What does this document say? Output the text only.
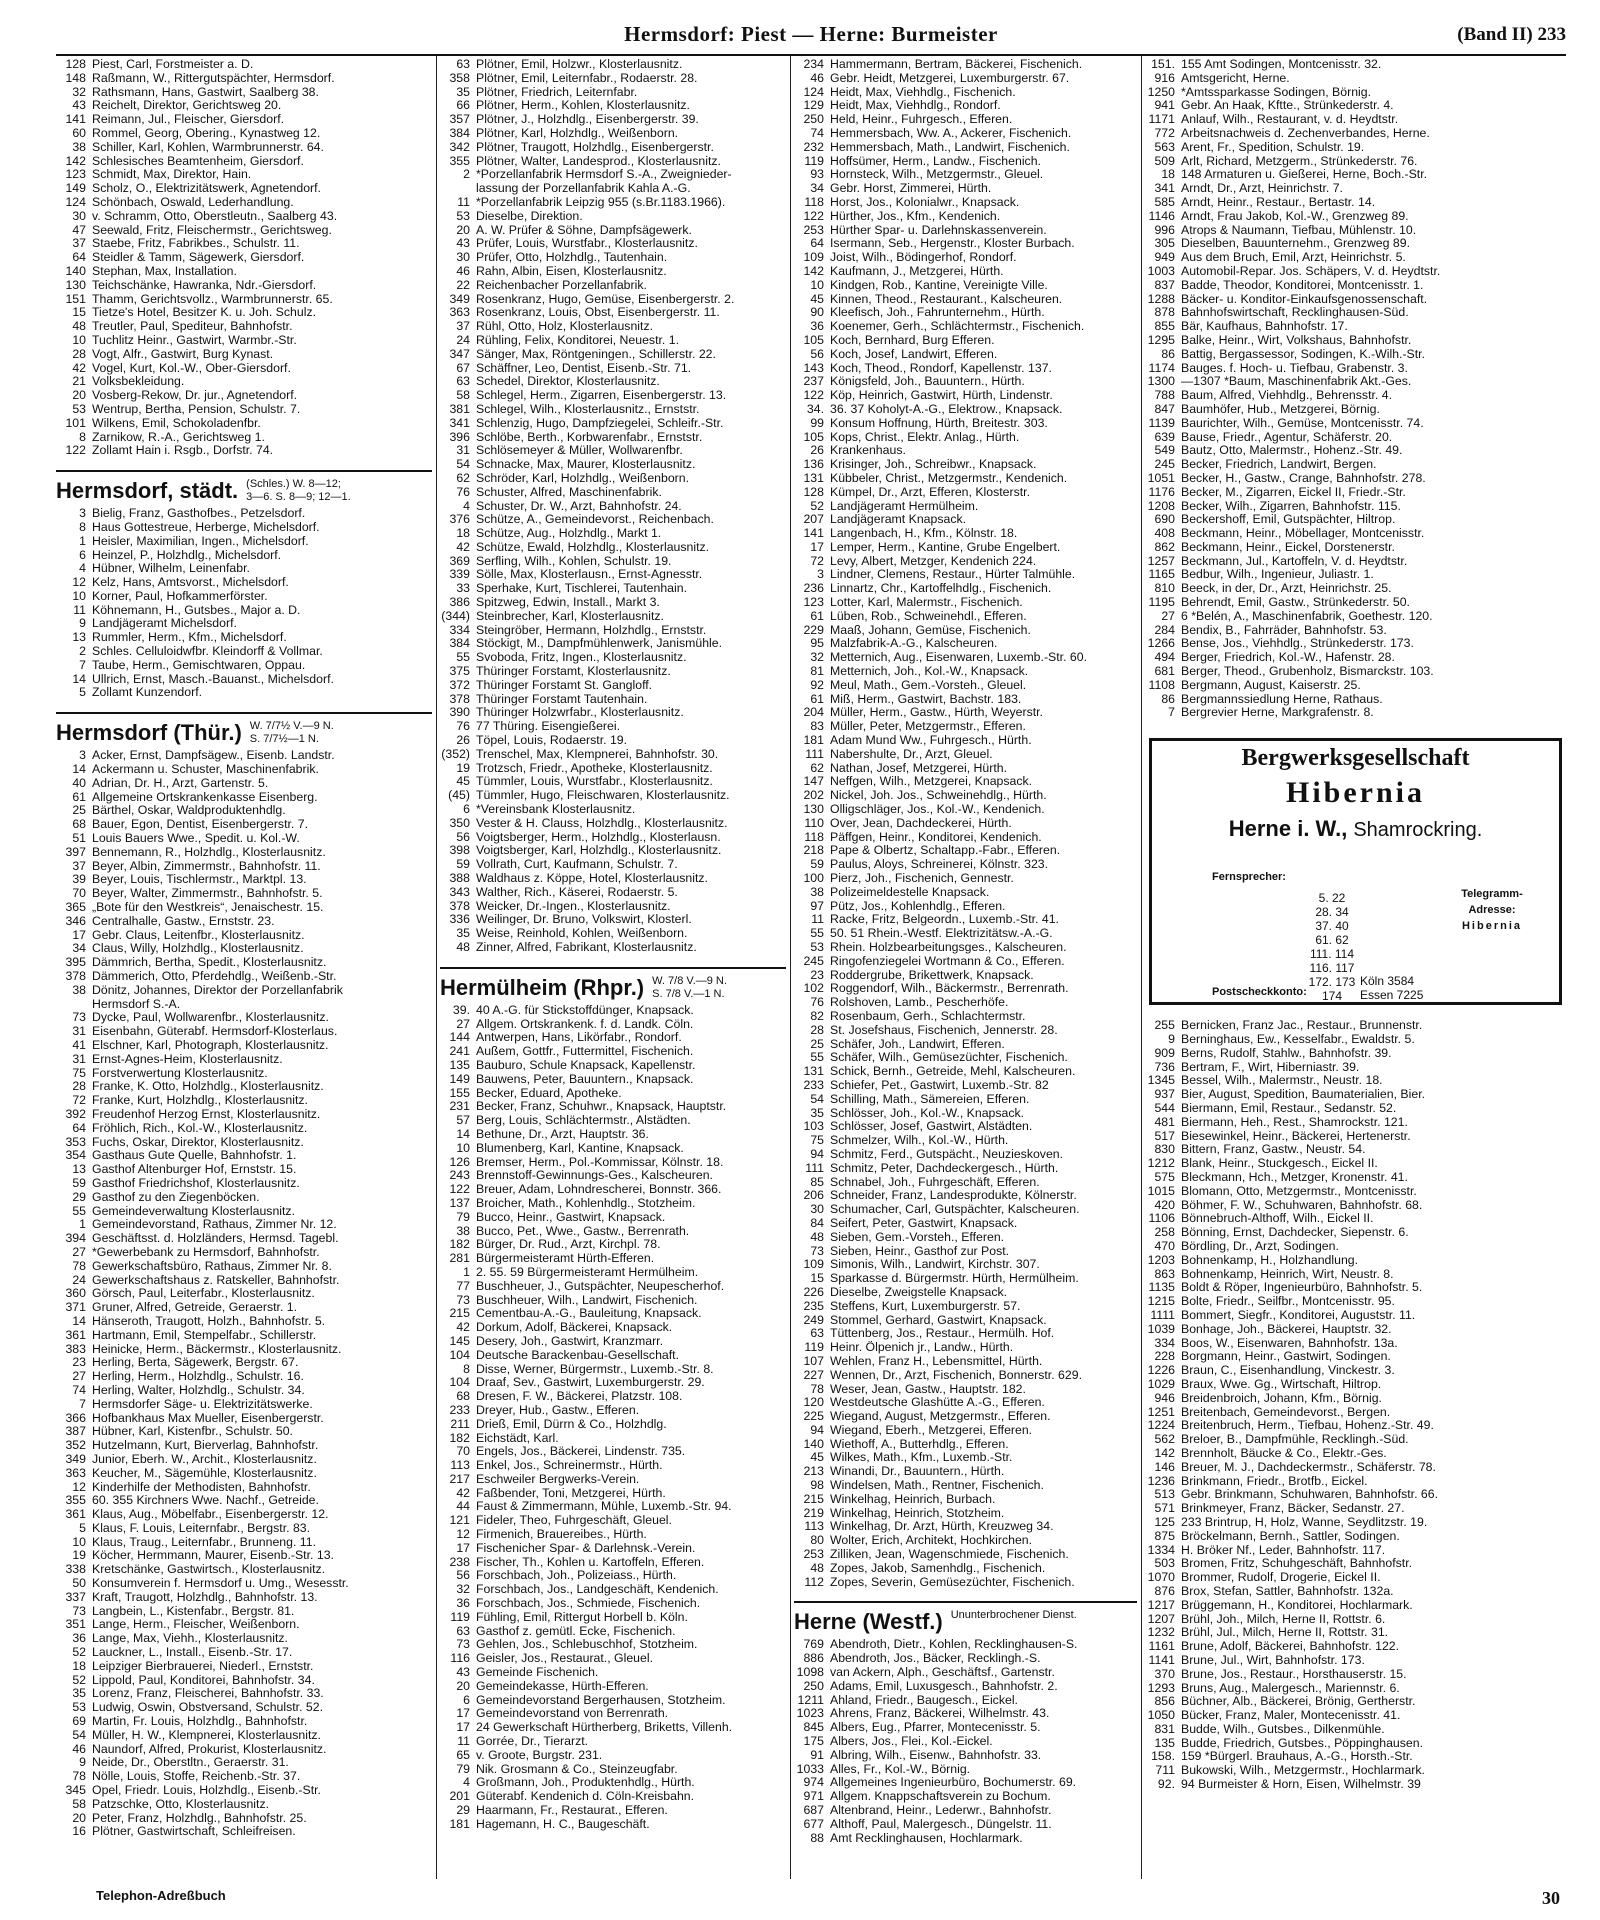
Hermsdorf: Piest — Herne: Burmeister	(Band II) 233
128 Piest, Carl, Forstmeister a. D.
148 Raßmann, W., Rittergutspächter, Hermsdorf.
32 Rathsmann, Hans, Gastwirt, Saalberg 38.
43 Reichelt, Direktor, Gerichtsweg 20.
141 Reimann, Jul., Fleischer, Giersdorf.
60 Rommel, Georg, Obering., Kynastweg 12.
38 Schiller, Karl, Kohlen, Warmbrunnerstr. 64.
142 Schlesisches Beamtenheim, Giersdorf.
123 Schmidt, Max, Direktor, Hain.
149 Scholz, O., Elektrizitätswerk, Agnetendorf.
124 Schönbach, Oswald, Lederhandlung.
30 v. Schramm, Otto, Oberstleutn., Saalberg 43.
47 Seewald, Fritz, Fleischermstr., Gerichtsweg.
37 Staebe, Fritz, Fabrikbes., Schulstr. 11.
64 Steidler & Tamm, Sägewerk, Giersdorf.
140 Stephan, Max, Installation.
130 Teichschänke, Hawranka, Ndr.-Giersdorf.
151 Thamm, Gerichtsvollz., Warmbrunnerstr. 65.
15 Tietze's Hotel, Besitzer K. u. Joh. Schulz.
48 Treutler, Paul, Spediteur, Bahnhofstr.
10 Tuchlitz Heinr., Gastwirt, Warmbr.-Str.
28 Vogt, Alfr., Gastwirt, Burg Kynast.
42 Vogel, Kurt, Kol.-W., Ober-Giersdorf.
21 Volksbekleidung.
20 Vosberg-Rekow, Dr. jur., Agnetendorf.
53 Wentrup, Bertha, Pension, Schulstr. 7.
101 Wilkens, Emil, Schokoladenfbr.
8 Zarnikow, R.-A., Gerichtsweg 1.
122 Zollamt Hain i. Rsgb., Dorfstr. 74.
Hermsdorf, städt. (Schles.) W. 8—12;
3—6. S. 8—9; 12—1.
3 Bielig, Franz, Gasthofbes., Petzelsdorf.
8 Haus Gottestreue, Herberge, Michelsdorf.
1 Heisler, Maximilian, Ingen., Michelsdorf.
6 Heinzel, P., Holzhdlg., Michelsdorf.
4 Hübner, Wilhelm, Leinenfabr.
12 Kelz, Hans, Amtsvorst., Michelsdorf.
10 Korner, Paul, Hofkammerförster.
11 Köhnemann, H., Gutsbes., Major a. D.
9 Landjägeramt Michelsdorf.
13 Rummler, Herm., Kfm., Michelsdorf.
2 Schles. Celluloidwfbr. Kleindorff & Vollmar.
7 Taube, Herm., Gemischtwaren, Oppau.
14 Ullrich, Ernst, Masch.-Bauanst., Michelsdorf.
5 Zollamt Kunzendorf.
Hermsdorf (Thür.) W. 7/7½ V.—9 N.
S. 7/7½—1 N.
3 Acker, Ernst, Dampfsägew., Eisenb. Landstr.
14 Ackermann u. Schuster, Maschinenfabrik.
40 Adrian, Dr. H., Arzt, Gartenstr. 5.
61 Allgemeine Ortskrankenkasse Eisenberg.
25 Bärthel, Oskar, Waldproduktenhdlg.
68 Bauer, Egon, Dentist, Eisenbergerstr. 7.
51 Louis Bauers Wwe., Spedit. u. Kol.-W.
397 Bennemann, R., Holzhdlg., Klosterlausnitz.
37 Beyer, Albin, Zimmermstr., Bahnhofstr. 11.
39 Beyer, Louis, Tischlermstr., Marktpl. 13.
70 Beyer, Walter, Zimmermstr., Bahnhofstr. 5.
365 „Bote für den Westkreis“, Jenaischestr. 15.
346 Centralhalle, Gastw., Ernststr. 23.
17 Gebr. Claus, Leitenfbr., Klosterlausnitz.
34 Claus, Willy, Holzhdlg., Klosterlausnitz.
395 Dämmrich, Bertha, Spedit., Klosterlausnitz.
378 Dämmerich, Otto, Pferdehdlg., Weißenb.-Str.
38 Dönitz, Johannes, Direktor der Porzellanfabrik
Hermsdorf S.-A.
73 Dycke, Paul, Wollwarenfbr., Klosterlausnitz.
31 Eisenbahn, Güterabf. Hermsdorf-Klosterlaus.
41 Elschner, Karl, Photograph, Klosterlausnitz.
31 Ernst-Agnes-Heim, Klosterlausnitz.
75 Forstverwertung Klosterlausnitz.
28 Franke, K. Otto, Holzhdlg., Klosterlausnitz.
72 Franke, Kurt, Holzhdlg., Klosterlausnitz.
392 Freudenhof Herzog Ernst, Klosterlausnitz.
64 Fröhlich, Rich., Kol.-W., Klosterlausnitz.
353 Fuchs, Oskar, Direktor, Klosterlausnitz.
354 Gasthaus Gute Quelle, Bahnhofstr. 1.
13 Gasthof Altenburger Hof, Ernststr. 15.
59 Gasthof Friedrichshof, Klosterlausnitz.
29 Gasthof zu den Ziegenböcken.
55 Gemeindeverwaltung Klosterlausnitz.
1 Gemeindevorstand, Rathaus, Zimmer Nr. 12.
394 Geschäftsst. d. Holzländers, Hermsd. Tagebl.
27 *Gewerbebank zu Hermsdorf, Bahnhofstr.
78 Gewerkschaftsbüro, Rathaus, Zimmer Nr. 8.
24 Gewerkschaftshaus z. Ratskeller, Bahnhofstr.
360 Görsch, Paul, Leiterfabr., Klosterlausnitz.
371 Gruner, Alfred, Getreide, Geraerstr. 1.
14 Hänseroth, Traugott, Holzh., Bahnhofstr. 5.
361 Hartmann, Emil, Stempelfabr., Schillerstr.
383 Heinicke, Herm., Bäckermstr., Klosterlausnitz.
23 Herling, Berta, Sägewerk, Bergstr. 67.
27 Herling, Herm., Holzhdlg., Schulstr. 16.
74 Herling, Walter, Holzhdlg., Schulstr. 34.
7 Hermsdorfer Säge- u. Elektrizitätswerke.
366 Hofbankhaus Max Mueller, Eisenbergerstr.
387 Hübner, Karl, Kistenfbr., Schulstr. 50.
352 Hutzelmann, Kurt, Bierverlag, Bahnhofstr.
349 Junior, Eberh. W., Archit., Klosterlausnitz.
363 Keucher, M., Sägemühle, Klosterlausnitz.
12 Kinderhilfe der Methodisten, Bahnhofstr.
355 60. 355 Kirchners Wwe. Nachf., Getreide.
361 Klaus, Aug., Möbelfabr., Eisenbergerstr. 12.
5 Klaus, F. Louis, Leiternfabr., Bergstr. 83.
10 Klaus, Traug., Leiternfabr., Brunneng. 11.
19 Köcher, Hermmann, Maurer, Eisenb.-Str. 13.
338 Kretschänke, Gastwirtsch., Klosterlausnitz.
50 Konsumverein f. Hermsdorf u. Umg., Wesesstr.
337 Kraft, Traugott, Holzhdlg., Bahnhofstr. 13.
73 Langbein, L., Kistenfabr., Bergstr. 81.
351 Lange, Herm., Fleischer, Weißenborn.
36 Lange, Max, Viehh., Klosterlausnitz.
52 Lauckner, L., Install., Eisenb.-Str. 17.
18 Leipziger Bierbrauerei, Niederl., Ernststr.
52 Lippold, Paul, Konditorei, Bahnhofstr. 34.
35 Lorenz, Franz, Fleischerei, Bahnhofstr. 33.
53 Ludwig, Oswin, Obstversand, Schulstr. 52.
69 Martin, Fr. Louis, Holzhdlg., Bahnhofstr.
54 Müller, H. W., Klempnerei, Klosterlausnitz.
46 Naundorf, Alfred, Prokurist, Klosterlausnitz.
9 Neide, Dr., Oberstltn., Geraerstr. 31.
78 Nölle, Louis, Stoffe, Reichenb.-Str. 37.
345 Opel, Friedr. Louis, Holzhdlg., Eisenb.-Str.
58 Patzschke, Otto, Klosterlausnitz.
20 Peter, Franz, Holzhdlg., Bahnhofstr. 25.
16 Plötner, Gastwirtschaft, Schleifreisen.
63 Plötner, Emil, Holzwr., Klosterlausnitz.
358 Plötner, Emil, Leiternfabr., Rodaerstr. 28.
35 Plötner, Friedrich, Leiternfabr.
66 Plötner, Herm., Kohlen, Klosterlausnitz.
357 Plötner, J., Holzhdlg., Eisenbergerstr. 39.
384 Plötner, Karl, Holzhdlg., Weißenborn.
342 Plötner, Traugott, Holzhdlg., Eisenbergerstr.
355 Plötner, Walter, Landesprod., Klosterlausnitz.
2 *Porzellanfabrik Hermsdorf S.-A., Zweignieder-
lassung der Porzellanfabrik Kahla A.-G.
11 *Porzellanfabrik Leipzig 955 (s.Br.1183.1966).
53 Dieselbe, Direktion.
20 A. W. Prüfer & Söhne, Dampfsägewerk.
43 Prüfer, Louis, Wurstfabr., Klosterlausnitz.
30 Prüfer, Otto, Holzhdlg., Tautenhain.
46 Rahn, Albin, Eisen, Klosterlausnitz.
22 Reichenbacher Porzellanfabrik.
349 Rosenkranz, Hugo, Gemüse, Eisenbergerstr. 2.
363 Rosenkranz, Louis, Obst, Eisenbergerstr. 11.
37 Rühl, Otto, Holz, Klosterlausnitz.
24 Rühling, Felix, Konditorei, Neuestr. 1.
347 Sänger, Max, Röntgeningen., Schillerstr. 22.
67 Schäffner, Leo, Dentist, Eisenb.-Str. 71.
63 Schedel, Direktor, Klosterlausnitz.
58 Schlegel, Herm., Zigarren, Eisenbergerstr. 13.
381 Schlegel, Wilh., Klosterlausnitz., Ernststr.
341 Schlenzig, Hugo, Dampfziegelei, Schleifr.-Str.
396 Schlöbe, Berth., Korbwarenfabr., Ernststr.
31 Schlösemeyer & Müller, Wollwarenfbr.
54 Schnacke, Max, Maurer, Klosterlausnitz.
62 Schröder, Karl, Holzhdlg., Weißenborn.
76 Schuster, Alfred, Maschinenfabrik.
4 Schuster, Dr. W., Arzt, Bahnhofstr. 24.
376 Schütze, A., Gemeindevorst., Reichenbach.
18 Schütze, Aug., Holzhdlg., Markt 1.
42 Schütze, Ewald, Holzhdlg., Klosterlausnitz.
369 Serfling, Wilh., Kohlen, Schulstr. 19.
339 Sölle, Max, Klosterlausn., Ernst-Agnesstr.
33 Sperhake, Kurt, Tischlerei, Tautenhain.
386 Spitzweg, Edwin, Install., Markt 3.
(344) Steinbrecher, Karl, Klosterlausnitz.
334 Steingröber, Hermann, Holzhdlg., Ernststr.
384 Stöckigt, M., Dampfmühlenwerk, Janismühle.
55 Svoboda, Fritz, Ingen., Klosterlausnitz.
375 Thüringer Forstamt, Klosterlausnitz.
372 Thüringer Forstamt St. Gangloff.
378 Thüringer Forstamt Tautenhain.
390 Thüringer Holzwrfabr., Klosterlausnitz.
76 77 Thüring. Eisengießerei.
26 Töpel, Louis, Rodaerstr. 19.
(352) Trenschel, Max, Klempnerei, Bahnhofstr. 30.
19 Trotzsch, Friedr., Apotheke, Klosterlausnitz.
45 Tümmler, Louis, Wurstfabr., Klosterlausnitz.
(45) Tümmler, Hugo, Fleischwaren, Klosterlausnitz.
6 *Vereinsbank Klosterlausnitz.
350 Vester & H. Clauss, Holzhdlg., Klosterlausnitz.
56 Voigtsberger, Herm., Holzhdlg., Klosterlausn.
398 Voigtsberger, Karl, Holzhdlg., Klosterlausnitz.
59 Vollrath, Curt, Kaufmann, Schulstr. 7.
388 Waldhaus z. Köppe, Hotel, Klosterlausnitz.
343 Walther, Rich., Käserei, Rodaerstr. 5.
378 Weicker, Dr.-Ingen., Klosterlausnitz.
336 Weilinger, Dr. Bruno, Volkswirt, Klosterl.
35 Weise, Reinhold, Kohlen, Weißenborn.
48 Zinner, Alfred, Fabrikant, Klosterlausnitz.
Hermülheim (Rhpr.) W. 7/8 V.—9 N.
S. 7/8 V.—1 N.
39. 40 A.-G. für Stickstoffdünger, Knapsack.
27 Allgem. Ortskrankenk. f. d. Landk. Cöln.
144 Antwerpen, Hans, Likörfabr., Rondorf.
241 Außem, Gottfr., Futtermittel, Fischenich.
135 Bauburo, Schule Knapsack, Kapellenstr.
149 Bauwens, Peter, Bauuntern., Knapsack.
155 Becker, Eduard, Apotheke.
231 Becker, Franz, Schuhwr., Knapsack, Hauptstr.
57 Berg, Louis, Schlächtermstr., Alstädten.
14 Bethune, Dr., Arzt, Hauptstr. 36.
10 Blumenberg, Karl, Kantine, Knapsack.
126 Bremser, Herm., Pol.-Kommissar, Kölnstr. 18.
243 Brennstoff-Gewinnungs-Ges., Kalscheuren.
122 Breuer, Adam, Lohndrescherei, Bonnstr. 366.
137 Broicher, Math., Kohlenhdlg., Stotzheim.
79 Bucco, Heinr., Gastwirt, Knapsack.
38 Bucco, Pet., Wwe., Gastw., Berrenrath.
182 Bürger, Dr. Rud., Arzt, Kirchpl. 78.
281 Bürgermeisteramt Hürth-Efferen.
1 2. 55. 59 Bürgermeisteramt Hermülheim.
77 Buschheuer, J., Gutspächter, Neupescherhof.
73 Buschheuer, Wilh., Landwirt, Fischenich.
215 Cementbau-A.-G., Bauleitung, Knapsack.
42 Dorkum, Adolf, Bäckerei, Knapsack.
145 Desery, Joh., Gastwirt, Kranzmarr.
104 Deutsche Barackenbau-Gesellschaft.
8 Disse, Werner, Bürgermstr., Luxemb.-Str. 8.
104 Draaf, Sev., Gastwirt, Luxemburgerstr. 29.
68 Dresen, F. W., Bäckerei, Platzstr. 108.
233 Dreyer, Hub., Gastw., Efferen.
211 Drieß, Emil, Dürrn & Co., Holzhdlg.
182 Eichstädt, Karl.
70 Engels, Jos., Bäckerei, Lindenstr. 735.
113 Enkel, Jos., Schreinermstr., Hürth.
217 Eschweiler Bergwerks-Verein.
42 Faßbender, Toni, Metzgerei, Hürth.
44 Faust & Zimmermann, Mühle, Luxemb.-Str. 94.
121 Fideler, Theo, Fuhrgeschäft, Gleuel.
12 Firmenich, Brauereibes., Hürth.
17 Fischenicher Spar- & Darlehnsk.-Verein.
238 Fischer, Th., Kohlen u. Kartoffeln, Efferen.
56 Forschbach, Joh., Polizeiass., Hürth.
32 Forschbach, Jos., Landgeschäft, Kendenich.
36 Forschbach, Jos., Schmiede, Fischenich.
119 Fühling, Emil, Rittergut Horbell b. Köln.
63 Gasthof z. gemütl. Ecke, Fischenich.
73 Gehlen, Jos., Schlebuschhof, Stotzheim.
116 Geisler, Jos., Restaurat., Gleuel.
43 Gemeinde Fischenich.
20 Gemeindekasse, Hürth-Efferen.
6 Gemeindevorstand Bergerhausen, Stotzheim.
17 Gemeindevorstand von Berrenrath.
17 24 Gewerkschaft Hürtherberg, Briketts, Villenh.
11 Gorrée, Dr., Tierarzt.
65 v. Groote, Burgstr. 231.
79 Nik. Grosmann & Co., Steinzeugfabr.
4 Großmann, Joh., Produktenhdlg., Hürth.
201 Güterabf. Kendenich d. Cöln-Kreisbahn.
29 Haarmann, Fr., Restaurat., Efferen.
181 Hagemann, H. C., Baugeschäft.
234 Hammermann, Bertram, Bäckerei, Fischenich.
46 Gebr. Heidt, Metzgerei, Luxemburgerstr. 67.
124 Heidt, Max, Viehhdlg., Fischenich.
129 Heidt, Max, Viehhdlg., Rondorf.
250 Held, Heinr., Fuhrgesch., Efferen.
74 Hemmersbach, Ww. A., Ackerer, Fischenich.
232 Hemmersbach, Math., Landwirt, Fischenich.
119 Hoffsümer, Herm., Landw., Fischenich.
93 Hornsteck, Wilh., Metzgermstr., Gleuel.
34 Gebr. Horst, Zimmerei, Hürth.
118 Horst, Jos., Kolonialwr., Knapsack.
122 Hürther, Jos., Kfm., Kendenich.
253 Hürther Spar- u. Darlehnskassenverein.
64 Isermann, Seb., Hergenstr., Kloster Burbach.
109 Joist, Wilh., Bödingerhof, Rondorf.
142 Kaufmann, J., Metzgerei, Hürth.
10 Kindgen, Rob., Kantine, Vereinigte Ville.
45 Kinnen, Theod., Restaurant., Kalscheuren.
90 Kleefisch, Joh., Fahrunternehm., Hürth.
36 Koenemer, Gerh., Schlächtermstr., Fischenich.
105 Koch, Bernhard, Burg Efferen.
56 Koch, Josef, Landwirt, Efferen.
143 Koch, Theod., Rondorf, Kapellenstr. 137.
237 Königsfeld, Joh., Bauuntern., Hürth.
122 Köp, Heinrich, Gastwirt, Hürth, Lindenstr.
34. 36. 37 Koholyt-A.-G., Elektrow., Knapsack.
99 Konsum Hoffnung, Hürth, Breitestr. 303.
105 Kops, Christ., Elektr. Anlag., Hürth.
26 Krankenhaus.
136 Krisinger, Joh., Schreibwr., Knapsack.
131 Kübbeler, Christ., Metzgermstr., Kendenich.
128 Kümpel, Dr., Arzt, Efferen, Klosterstr.
52 Landjägeramt Hermülheim.
207 Landjägeramt Knapsack.
141 Langenbach, H., Kfm., Kölnstr. 18.
17 Lemper, Herm., Kantine, Grube Engelbert.
72 Levy, Albert, Metzger, Kendenich 224.
3 Lindner, Clemens, Restaur., Hürter Talmühle.
236 Linnartz, Chr., Kartoffelhdlg., Fischenich.
123 Lotter, Karl, Malermstr., Fischenich.
61 Lüben, Rob., Schweinehdl., Efferen.
229 Maaß, Johann, Gemüse, Fischenich.
95 Malzfabrik-A.-G., Kalscheuren.
32 Metternich, Aug., Eisenwaren, Luxemb.-Str. 60.
81 Metternich, Joh., Kol.-W., Knapsack.
92 Meul, Math., Gem.-Vorsteh., Gleuel.
61 Miß, Herm., Gastwirt, Bachstr. 183.
204 Müller, Herm., Gastw., Hürth, Weyerstr.
83 Müller, Peter, Metzgermstr., Efferen.
181 Adam Mund Ww., Fuhrgesch., Hürth.
111 Nabershulte, Dr., Arzt, Gleuel.
62 Nathan, Josef, Metzgerei, Hürth.
147 Neffgen, Wilh., Metzgerei, Knapsack.
202 Nickel, Joh. Jos., Schweinehdlg., Hürth.
130 Olligschläger, Jos., Kol.-W., Kendenich.
110 Over, Jean, Dachdeckerei, Hürth.
118 Päffgen, Heinr., Konditorei, Kendenich.
218 Pape & Olbertz, Schaltapp.-Fabr., Efferen.
59 Paulus, Aloys, Schreinerei, Kölnstr. 323.
100 Pierz, Joh., Fischenich, Gennestr.
38 Polizeimeldestelle Knapsack.
97 Pütz, Jos., Kohlenhdlg., Efferen.
11 Racke, Fritz, Belgeordn., Luxemb.-Str. 41.
55 50. 51 Rhein.-Westf. Elektrizitätsw.-A.-G.
53 Rhein. Holzbearbeitungsges., Kalscheuren.
245 Ringofenziegelei Wortmann & Co., Efferen.
23 Roddergrube, Brikettwerk, Knapsack.
102 Roggendorf, Wilh., Bäckermstr., Berrenrath.
76 Rolshoven, Lamb., Pescherhöfe.
82 Rosenbaum, Gerh., Schlachtermstr.
28 St. Josefshaus, Fischenich, Jennerstr. 28.
25 Schäfer, Joh., Landwirt, Efferen.
55 Schäfer, Wilh., Gemüsezüchter, Fischenich.
131 Schick, Bernh., Getreide, Mehl, Kalscheuren.
233 Schiefer, Pet., Gastwirt, Luxemb.-Str. 82
54 Schilling, Math., Sämereien, Efferen.
35 Schlösser, Joh., Kol.-W., Knapsack.
103 Schlösser, Josef, Gastwirt, Alstädten.
75 Schmelzer, Wilh., Kol.-W., Hürth.
94 Schmitz, Ferd., Gutspächt., Neuzieskoven.
111 Schmitz, Peter, Dachdeckergesch., Hürth.
85 Schnabel, Joh., Fuhrgeschäft, Efferen.
206 Schneider, Franz, Landesprodukte, Kölnerstr.
30 Schumacher, Carl, Gutspächter, Kalscheuren.
84 Seifert, Peter, Gastwirt, Knapsack.
48 Sieben, Gem.-Vorsteh., Efferen.
73 Sieben, Heinr., Gasthof zur Post.
109 Simonis, Wilh., Landwirt, Kirchstr. 307.
15 Sparkasse d. Bürgermstr. Hürth, Hermülheim.
226 Dieselbe, Zweigstelle Knapsack.
235 Steffens, Kurt, Luxemburgerstr. 57.
249 Stommel, Gerhard, Gastwirt, Knapsack.
63 Tüttenberg, Jos., Restaur., Hermülh. Hof.
119 Heinr. Ölpenich jr., Landw., Hürth.
107 Wehlen, Franz H., Lebensmittel, Hürth.
227 Wennen, Dr., Arzt, Fischenich, Bonnerstr. 629.
78 Weser, Jean, Gastw., Hauptstr. 182.
120 Westdeutsche Glashütte A.-G., Efferen.
225 Wiegand, August, Metzgermstr., Efferen.
94 Wiegand, Eberh., Metzgerei, Efferen.
140 Wiethoff, A., Butterhdlg., Efferen.
45 Wilkes, Math., Kfm., Luxemb.-Str.
213 Winandi, Dr., Bauuntern., Hürth.
98 Windelsen, Math., Rentner, Fischenich.
215 Winkelhag, Heinrich, Burbach.
219 Winkelhag, Heinrich, Stotzheim.
113 Winkelhag, Dr. Arzt, Hürth, Kreuzweg 34.
80 Wolter, Erich, Architekt, Hochkirchen.
253 Zilliken, Jean, Wagenschmiede, Fischenich.
48 Zopes, Jakob, Samenhdlg., Fischenich.
112 Zopes, Severin, Gemüsezüchter, Fischenich.
Herne (Westf.) Ununterbrochener Dienst.
769 Abendroth, Dietr., Kohlen, Recklinghausen-S.
886 Abendroth, Jos., Bäcker, Recklingh.-S.
1098 van Ackern, Alph., Geschäftsf., Gartenstr.
250 Adams, Emil, Luxusgesch., Bahnhofstr. 2.
1211 Ahland, Friedr., Baugesch., Eickel.
1023 Ahrens, Franz, Bäckerei, Wilhelmstr. 43.
845 Albers, Eug., Pfarrer, Montecenisstr. 5.
175 Albers, Jos., Flei., Kol.-Eickel.
91 Albring, Wilh., Eisenw., Bahnhofstr. 33.
1033 Alles, Fr., Kol.-W., Börnig.
974 Allgemeines Ingenieurbüro, Bochumerstr. 69.
971 Allgem. Knappschaftsverein zu Bochum.
687 Altenbrand, Heinr., Lederwr., Bahnhofstr.
677 Althoff, Paul, Malergesch., Düngelstr. 11.
88 Amt Recklinghausen, Hochlarmark.
151. 155 Amt Sodingen, Montcenisstr. 32.
916 Amtsgericht, Herne.
1250 *Amtssparkasse Sodingen, Börnig.
941 Gebr. An Haak, Kftte., Strünkederstr. 4.
1171 Anlauf, Wilh., Restaurant, v. d. Heydtstr.
772 Arbeitsnachweis d. Zechenverbandes, Herne.
563 Arent, Fr., Spedition, Schulstr. 19.
509 Arlt, Richard, Metzgerm., Strünkederstr. 76.
18 148 Armaturen u. Gießerei, Herne, Boch.-Str.
341 Arndt, Dr., Arzt, Heinrichstr. 7.
585 Arndt, Heinr., Restaur., Bertastr. 14.
1146 Arndt, Frau Jakob, Kol.-W., Grenzweg 89.
996 Atrops & Naumann, Tiefbau, Mühlenstr. 10.
305 Dieselben, Bauunternehm., Grenzweg 89.
949 Aus dem Bruch, Emil, Arzt, Heinrichstr. 5.
1003 Automobil-Repar. Jos. Schäpers, V. d. Heydtstr.
837 Badde, Theodor, Konditorei, Montcenisstr. 1.
1288 Bäcker- u. Konditor-Einkaufsgenossenschaft.
878 Bahnhofswirtschaft, Recklinghausen-Süd.
855 Bär, Kaufhaus, Bahnhofstr. 17.
1295 Balke, Heinr., Wirt, Volkshaus, Bahnhofstr.
86 Battig, Bergassessor, Sodingen, K.-Wilh.-Str.
1174 Bauges. f. Hoch- u. Tiefbau, Grabenstr. 3.
1300 —1307 *Baum, Maschinenfabrik Akt.-Ges.
788 Baum, Alfred, Viehhdlg., Behrensstr. 4.
847 Baumhöfer, Hub., Metzgerei, Börnig.
1139 Baurichter, Wilh., Gemüse, Montcenisstr. 74.
639 Bause, Friedr., Agentur, Schäferstr. 20.
549 Bautz, Otto, Malermstr., Hohenz.-Str. 49.
245 Becker, Friedrich, Landwirt, Bergen.
1051 Becker, H., Gastw., Crange, Bahnhofstr. 278.
1176 Becker, M., Zigarren, Eickel II, Friedr.-Str.
1208 Becker, Wilh., Zigarren, Bahnhofstr. 115.
690 Beckershoff, Emil, Gutspächter, Hiltrop.
408 Beckmann, Heinr., Möbellager, Montcenisstr.
862 Beckmann, Heinr., Eickel, Dorstenerstr.
1257 Beckmann, Jul., Kartoffeln, V. d. Heydtstr.
1165 Bedbur, Wilh., Ingenieur, Juliastr. 1.
810 Beeck, in der, Dr., Arzt, Heinrichstr. 25.
1195 Behrendt, Emil, Gastw., Strünkederstr. 50.
27 6 *Belén, A., Maschinenfabrik, Goethestr. 120.
284 Bendix, B., Fahrräder, Bahnhofstr. 53.
1266 Bense, Jos., Viehhdlg., Strünkederstr. 173.
494 Berger, Friedrich, Kol.-W., Hafenstr. 28.
681 Berger, Theod., Grubenholz, Bismarckstr. 103.
1108 Bergmann, August, Kaiserstr. 25.
86 Bergmannssiedlung Herne, Rathaus.
7 Bergrevier Herne, Markgrafenstr. 8.
Bergwerksgesellschaft
Hibernia
Herne i. W., Shamrockring.
Fernsprecher:
5. 22
28. 34
37. 40
61. 62
111. 114
116. 117
172. 173
174
Telegramm-
Adresse:
Hibernia
Postscheckkonto:
Köln 3584
Essen 7225
255 Bernicken, Franz Jac., Restaur., Brunnenstr.
9 Berninghaus, Ew., Kesselfabr., Ewaldstr. 5.
909 Berns, Rudolf, Stahlw., Bahnhofstr. 39.
736 Bertram, F., Wirt, Hiberniastr. 39.
1345 Bessel, Wilh., Malermstr., Neustr. 18.
937 Bier, August, Spedition, Baumaterialien, Bier.
544 Biermann, Emil, Restaur., Sedanstr. 52.
481 Biermann, Heh., Rest., Shamrockstr. 121.
517 Biesewinkel, Heinr., Bäckerei, Hertenerstr.
830 Bittern, Franz, Gastw., Neustr. 54.
1212 Blank, Heinr., Stuckgesch., Eickel II.
575 Bleckmann, Hch., Metzger, Kronenstr. 41.
1015 Blomann, Otto, Metzgermstr., Montcenisstr.
420 Böhmer, F. W., Schuhwaren, Bahnhofstr. 68.
1106 Bönnebruch-Althoff, Wilh., Eickel II.
258 Bönning, Ernst, Dachdecker, Siepenstr. 6.
470 Bördling, Dr., Arzt, Sodingen.
1203 Bohnenkamp, H., Holzhandlung.
863 Bohnenkamp, Heinrich, Wirt, Neustr. 8.
1135 Boldt & Röper, Ingenieurbüro, Bahnhofstr. 5.
1215 Bolte, Friedr., Seilfbr., Montcenisstr. 95.
1111 Bommert, Siegfr., Konditorei, Auguststr. 11.
1039 Bonhage, Joh., Bäckerei, Hauptstr. 32.
334 Boos, W., Eisenwaren, Bahnhofstr. 13a.
228 Borgmann, Heinr., Gastwirt, Sodingen.
1226 Braun, C., Eisenhandlung, Vinckestr. 3.
1029 Braux, Wwe. Gg., Wirtschaft, Hiltrop.
946 Breidenbroich, Johann, Kfm., Börnig.
1251 Breitenbach, Gemeindevorst., Bergen.
1224 Breitenbruch, Herm., Tiefbau, Hohenz.-Str. 49.
562 Breloer, B., Dampfmühle, Recklingh.-Süd.
142 Brennholt, Bäucke & Co., Elektr.-Ges.
146 Breuer, M. J., Dachdeckermstr., Schäferstr. 78.
1236 Brinkmann, Friedr., Brotfb., Eickel.
513 Gebr. Brinkmann, Schuhwaren, Bahnhofstr. 66.
571 Brinkmeyer, Franz, Bäcker, Sedanstr. 27.
125 233 Brintrup, H, Holz, Wanne, Seydlitzstr. 19.
875 Bröckelmann, Bernh., Sattler, Sodingen.
1334 H. Bröker Nf., Leder, Bahnhofstr. 117.
503 Bromen, Fritz, Schuhgeschäft, Bahnhofstr.
1070 Brommer, Rudolf, Drogerie, Eickel II.
876 Brox, Stefan, Sattler, Bahnhofstr. 132a.
1217 Brüggemann, H., Konditorei, Hochlarmark.
1207 Brühl, Joh., Milch, Herne II, Rottstr. 6.
1232 Brühl, Jul., Milch, Herne II, Rottstr. 31.
1161 Brune, Adolf, Bäckerei, Bahnhofstr. 122.
1141 Brune, Jul., Wirt, Bahnhofstr. 173.
370 Brune, Jos., Restaur., Horsthauserstr. 15.
1293 Bruns, Aug., Malergesch., Mariennstr. 6.
856 Büchner, Alb., Bäckerei, Brönig, Gertherstr.
1050 Bücker, Franz, Maler, Montecenisstr. 41.
831 Budde, Wilh., Gutsbes., Dilkenmühle.
135 Budde, Friedrich, Gutsbes., Pöppinghausen.
158. 159 *Bürgerl. Brauhaus, A.-G., Horsth.-Str.
711 Bukowski, Wilh., Metzgermstr., Hochlarmark.
92. 94 Burmeister & Horn, Eisen, Wilhelmstr. 39
Telephon-Adreßbuch	30
